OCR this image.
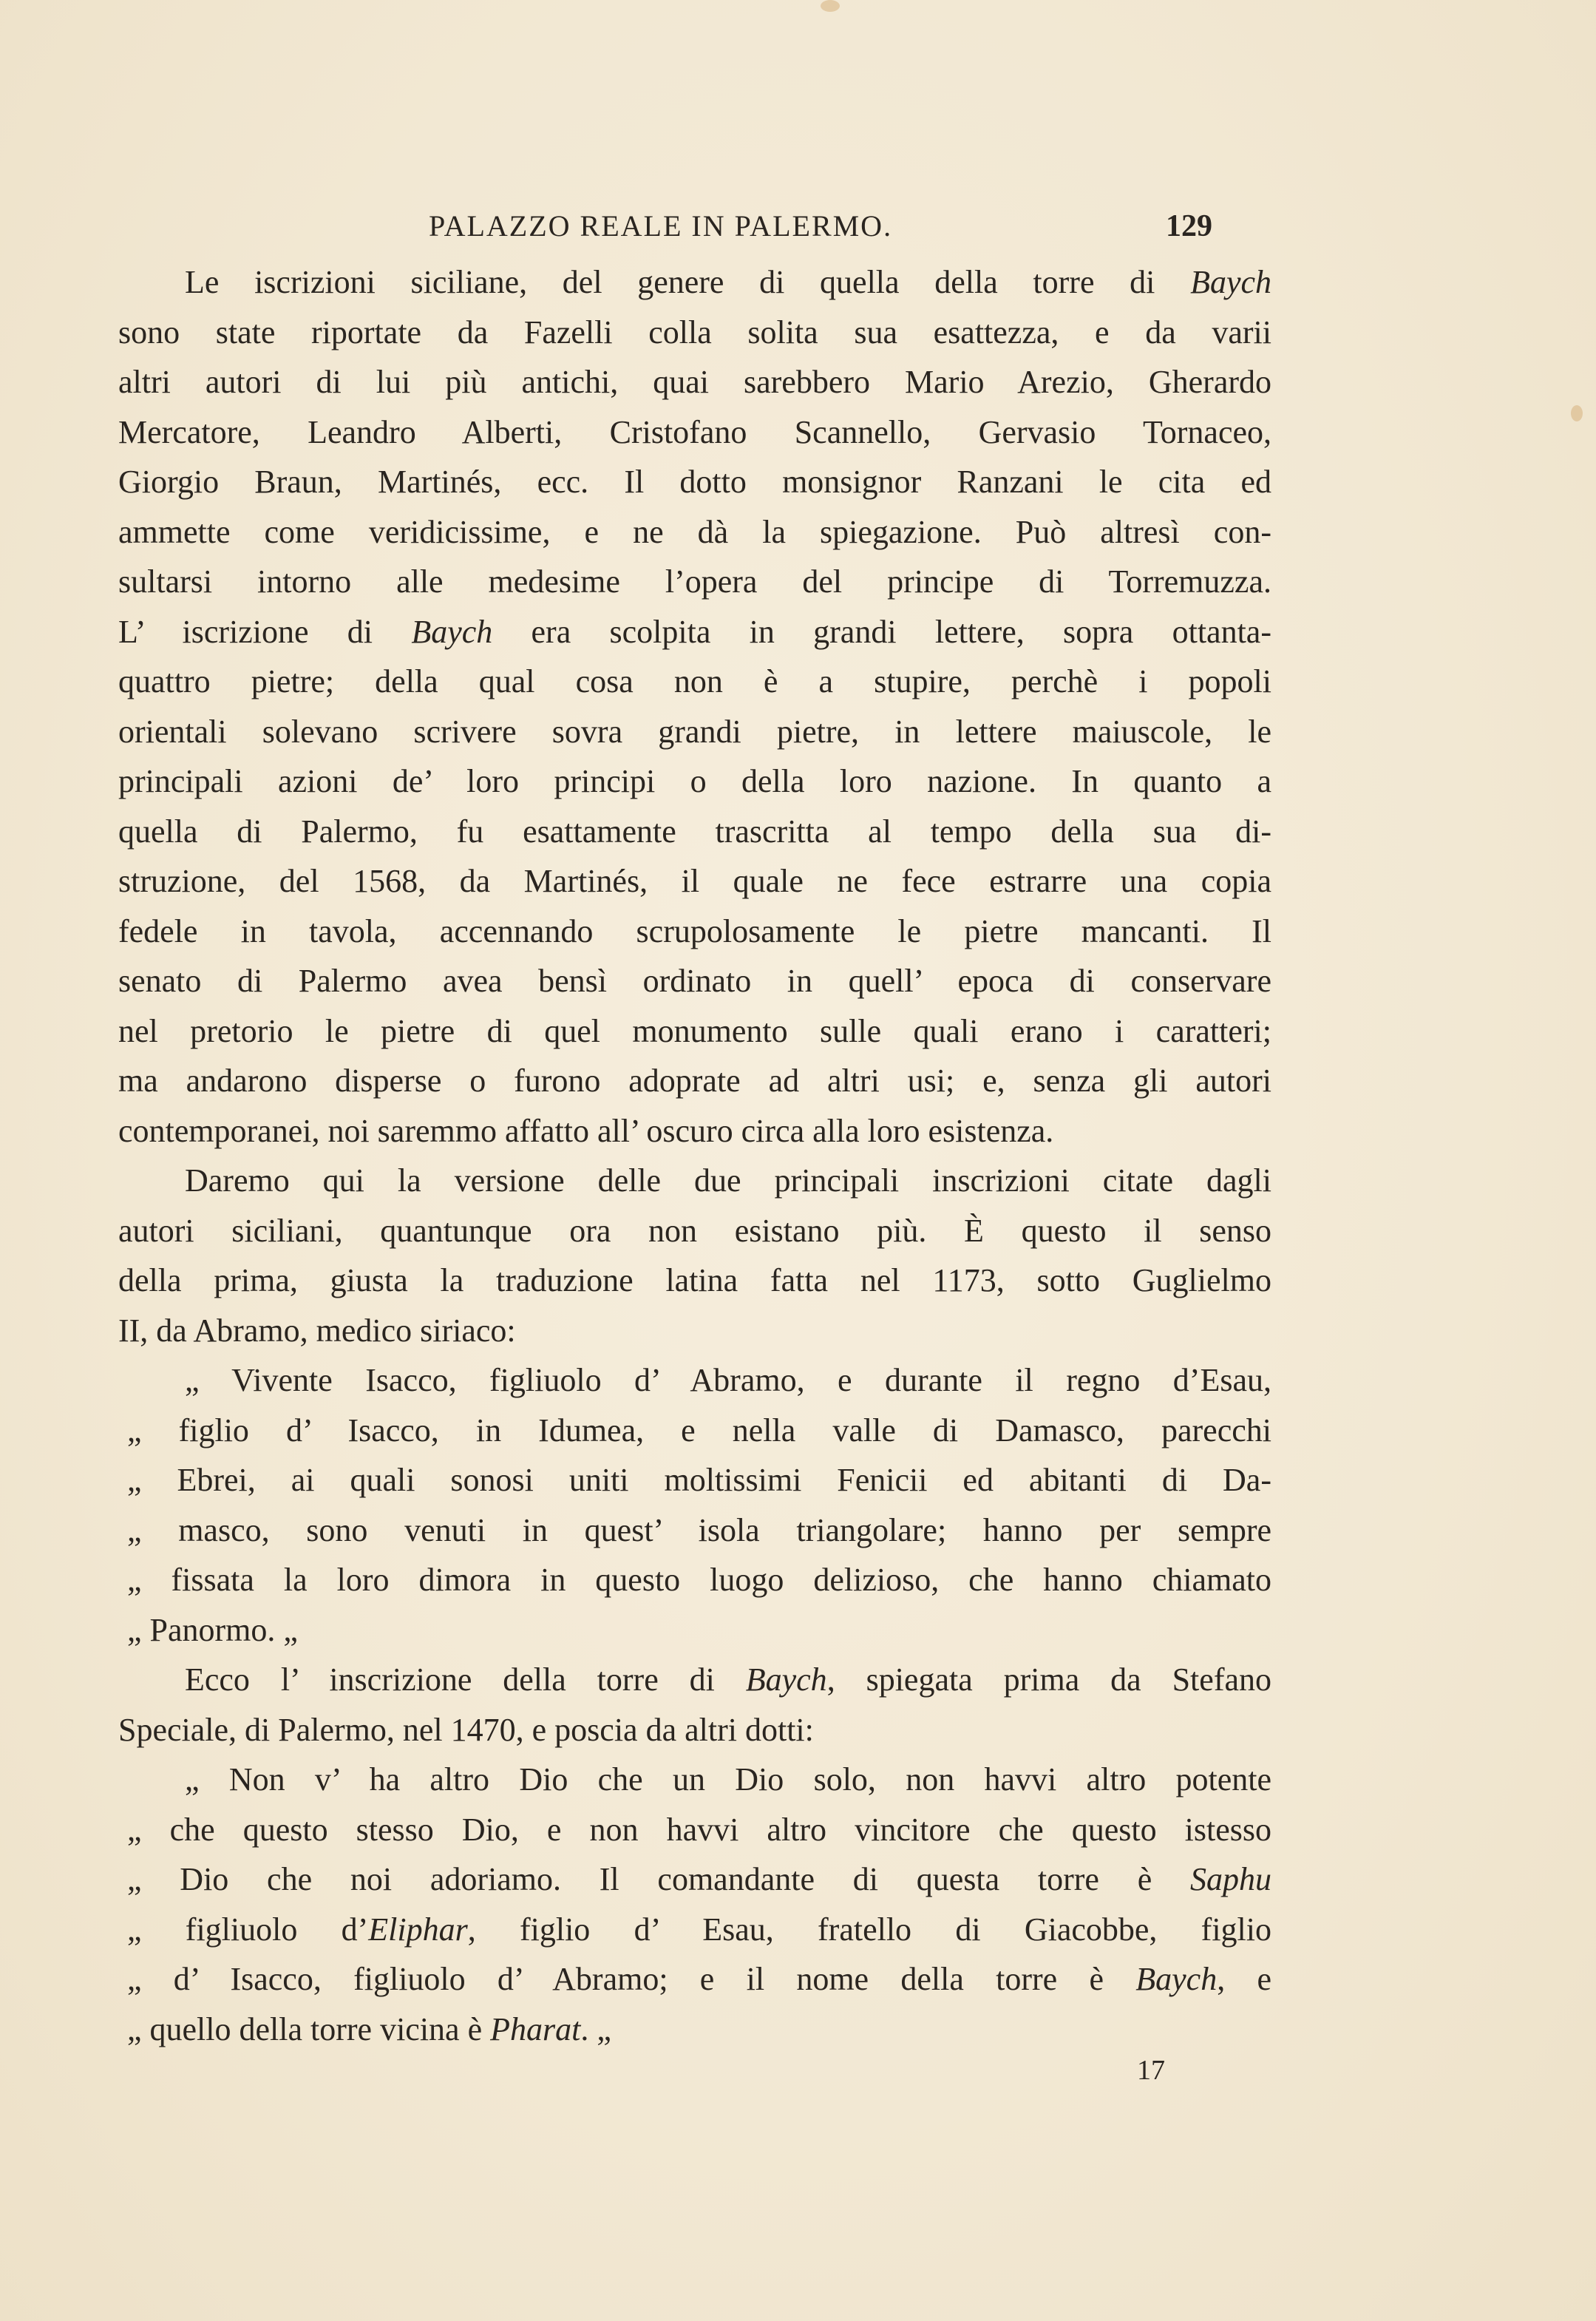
PALAZZO REALE IN PALERMO.	129
Le iscrizioni siciliane, del genere di quella della torre di Baych
sono state riportate da Fazelli colla solita sua esattezza, e da varii
altri autori di lui più antichi, quai sarebbero Mario Arezio, Gherardo
Mercatore, Leandro Alberti, Cristofano Scannello, Gervasio Tornaceo,
Giorgio Braun, Martinés, ecc. Il dotto monsignor Ranzani le cita ed
ammette come veridicissime, e ne dà la spiegazione. Può altresì con-
sultarsi intorno alle medesime l’opera del principe di Torremuzza.
L’ iscrizione di Baych era scolpita in grandi lettere, sopra ottanta-
quattro pietre; della qual cosa non è a stupire, perchè i popoli
orientali solevano scrivere sovra grandi pietre, in lettere maiuscole, le
principali azioni de’ loro principi o della loro nazione. In quanto a
quella di Palermo, fu esattamente trascritta al tempo della sua di-
struzione, del 1568, da Martinés, il quale ne fece estrarre una copia
fedele in tavola, accennando scrupolosamente le pietre mancanti. Il
senato di Palermo avea bensì ordinato in quell’ epoca di conservare
nel pretorio le pietre di quel monumento sulle quali erano i caratteri;
ma andarono disperse o furono adoprate ad altri usi; e, senza gli autori
contemporanei, noi saremmo affatto all’ oscuro circa alla loro esistenza.
Daremo qui la versione delle due principali inscrizioni citate dagli
autori siciliani, quantunque ora non esistano più. È questo il senso
della prima, giusta la traduzione latina fatta nel 1173, sotto Guglielmo
II, da Abramo, medico siriaco:
„ Vivente Isacco, figliuolo d’ Abramo, e durante il regno d’Esau,
„ figlio d’ Isacco, in Idumea, e nella valle di Damasco, parecchi
„ Ebrei, ai quali sonosi uniti moltissimi Fenicii ed abitanti di Da-
„ masco, sono venuti in quest’ isola triangolare; hanno per sempre
„ fissata la loro dimora in questo luogo delizioso, che hanno chiamato
„ Panormo. „
Ecco l’ inscrizione della torre di Baych, spiegata prima da Stefano
Speciale, di Palermo, nel 1470, e poscia da altri dotti:
„ Non v’ ha altro Dio che un Dio solo, non havvi altro potente
„ che questo stesso Dio, e non havvi altro vincitore che questo istesso
„ Dio che noi adoriamo. Il comandante di questa torre è Saphu
„ figliuolo d’Eliphar, figlio d’ Esau, fratello di Giacobbe, figlio
„ d’ Isacco, figliuolo d’ Abramo; e il nome della torre è Baych, e
„ quello della torre vicina è Pharat. „
17
